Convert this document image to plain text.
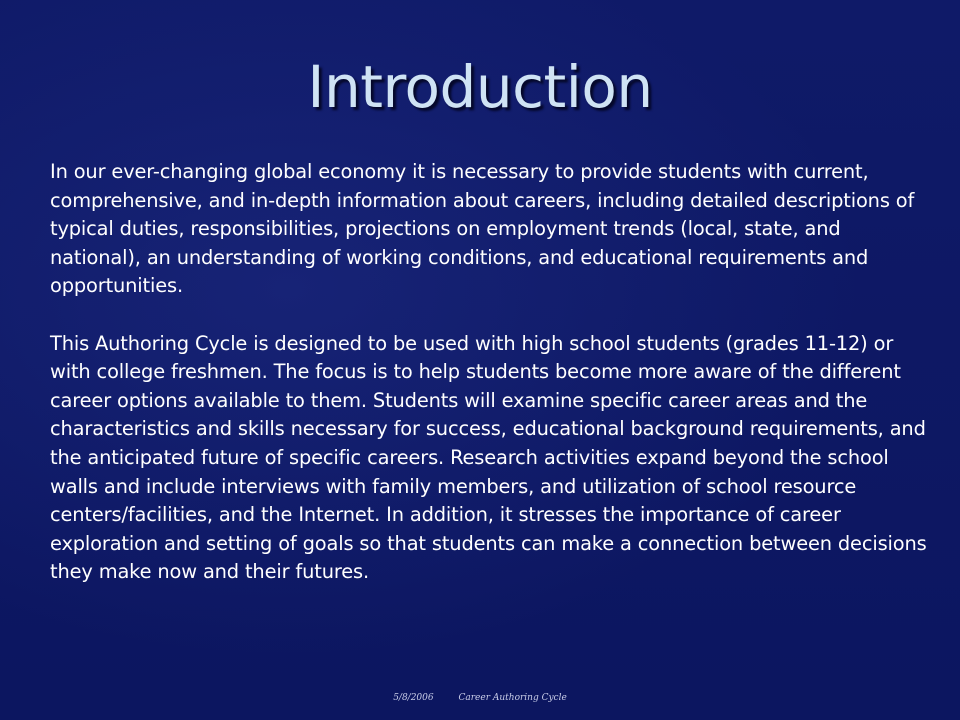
Introduction

In our ever-changing global economy it is necessary to provide students with current, comprehensive, and in-depth information about careers, including detailed descriptions of typical duties, responsibilities, projections on employment trends (local, state, and national), an understanding of working conditions, and educational requirements and opportunities.

This Authoring Cycle is designed to be used with high school students (grades 11-12) or with college freshmen. The focus is to help students become more aware of the different career options available to them. Students will examine specific career areas and the characteristics and skills necessary for success, educational background requirements, and the anticipated future of specific careers. Research activities expand beyond the school walls and include interviews with family members, and utilization of school resource centers/facilities, and the Internet. In addition, it stresses the importance of career exploration and setting of goals so that students can make a connection between decisions they make now and their futures.

5/8/2006	Career Authoring Cycle
